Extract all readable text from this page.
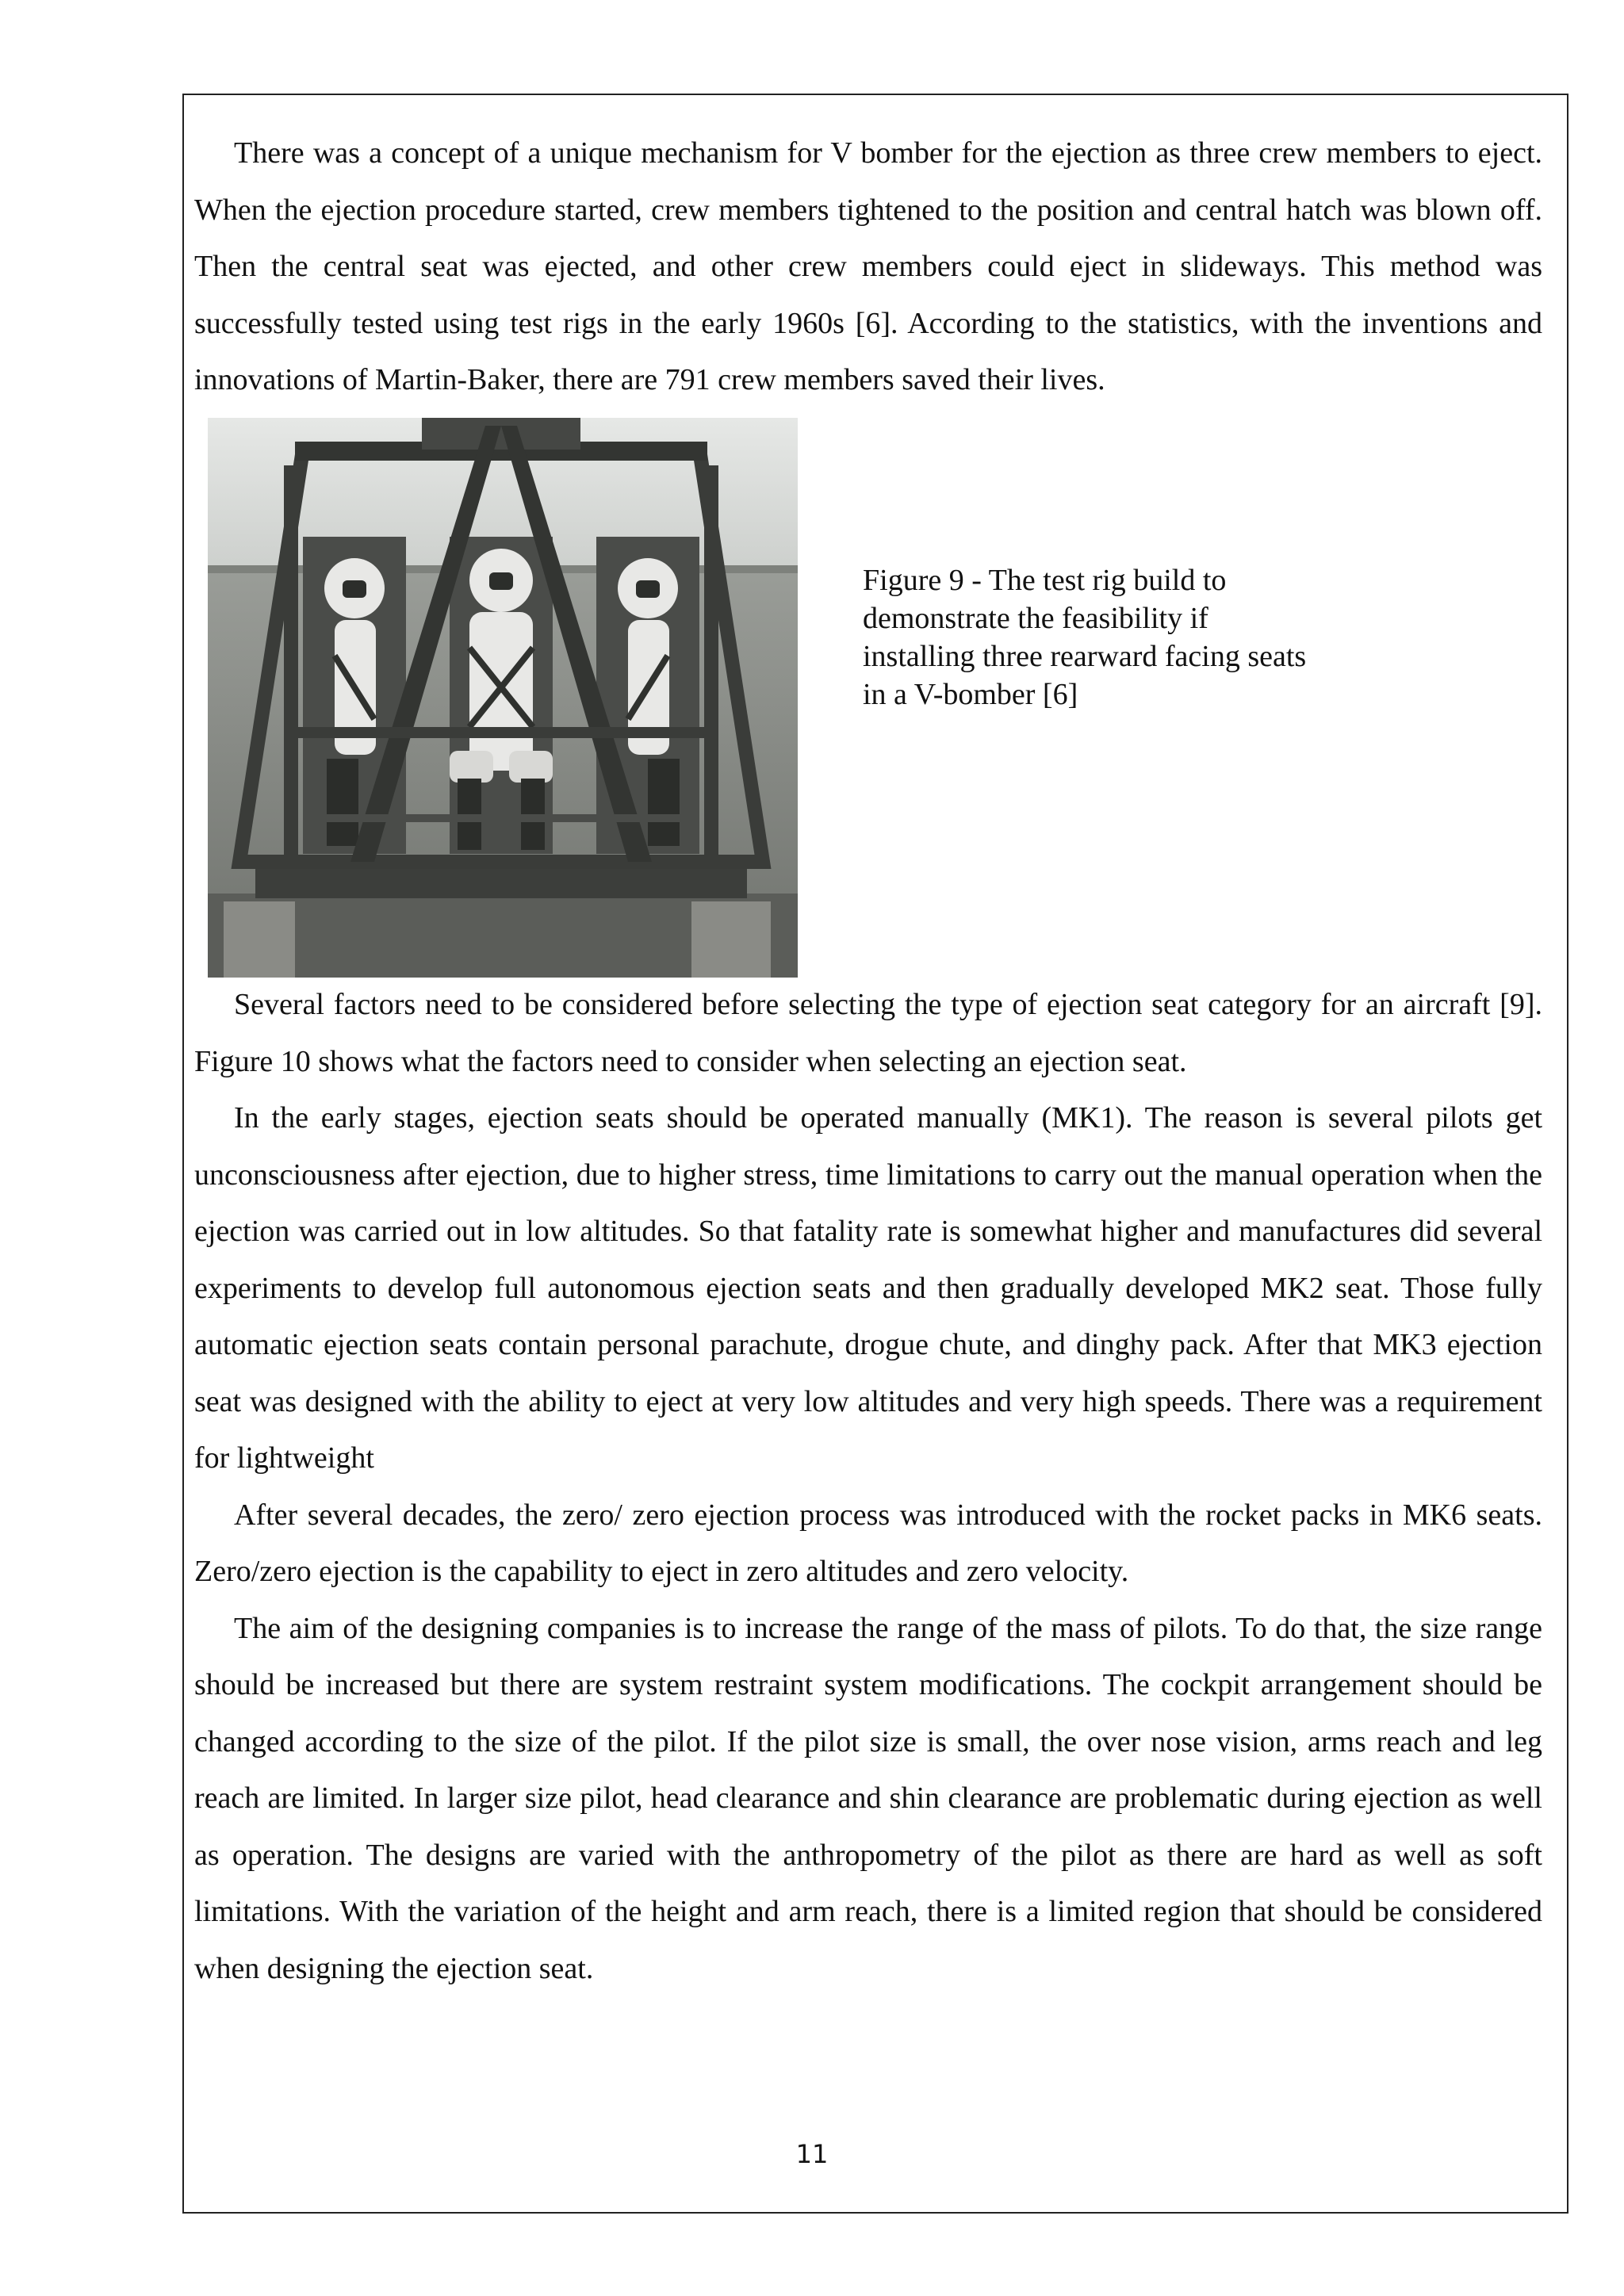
There was a concept of a unique mechanism for V bomber for the ejection as three crew members to eject. When the ejection procedure started, crew members tightened to the position and central hatch was blown off. Then the central seat was ejected, and other crew members could eject in slideways. This method was successfully tested using test rigs in the early 1960s [6]. According to the statistics, with the inventions and innovations of Martin-Baker, there are 791 crew members saved their lives.

Figure 9 - The test rig build to demonstrate the feasibility if installing three rearward facing seats in a V-bomber [6]

Several factors need to be considered before selecting the type of ejection seat category for an aircraft [9]. Figure 10 shows what the factors need to consider when selecting an ejection seat.

In the early stages, ejection seats should be operated manually (MK1). The reason is several pilots get unconsciousness after ejection, due to higher stress, time limitations to carry out the manual operation when the ejection was carried out in low altitudes. So that fatality rate is somewhat higher and manufactures did several experiments to develop full autonomous ejection seats and then gradually developed MK2 seat. Those fully automatic ejection seats contain personal parachute, drogue chute, and dinghy pack. After that MK3 ejection seat was designed with the ability to eject at very low altitudes and very high speeds. There was a requirement for lightweight

After several decades, the zero/ zero ejection process was introduced with the rocket packs in MK6 seats. Zero/zero ejection is the capability to eject in zero altitudes and zero velocity.

The aim of the designing companies is to increase the range of the mass of pilots. To do that, the size range should be increased but there are system restraint system modifications. The cockpit arrangement should be changed according to the size of the pilot. If the pilot size is small, the over nose vision, arms reach and leg reach are limited. In larger size pilot, head clearance and shin clearance are problematic during ejection as well as operation. The designs are varied with the anthropometry of the pilot as there are hard as well as soft limitations. With the variation of the height and arm reach, there is a limited region that should be considered when designing the ejection seat.

11
